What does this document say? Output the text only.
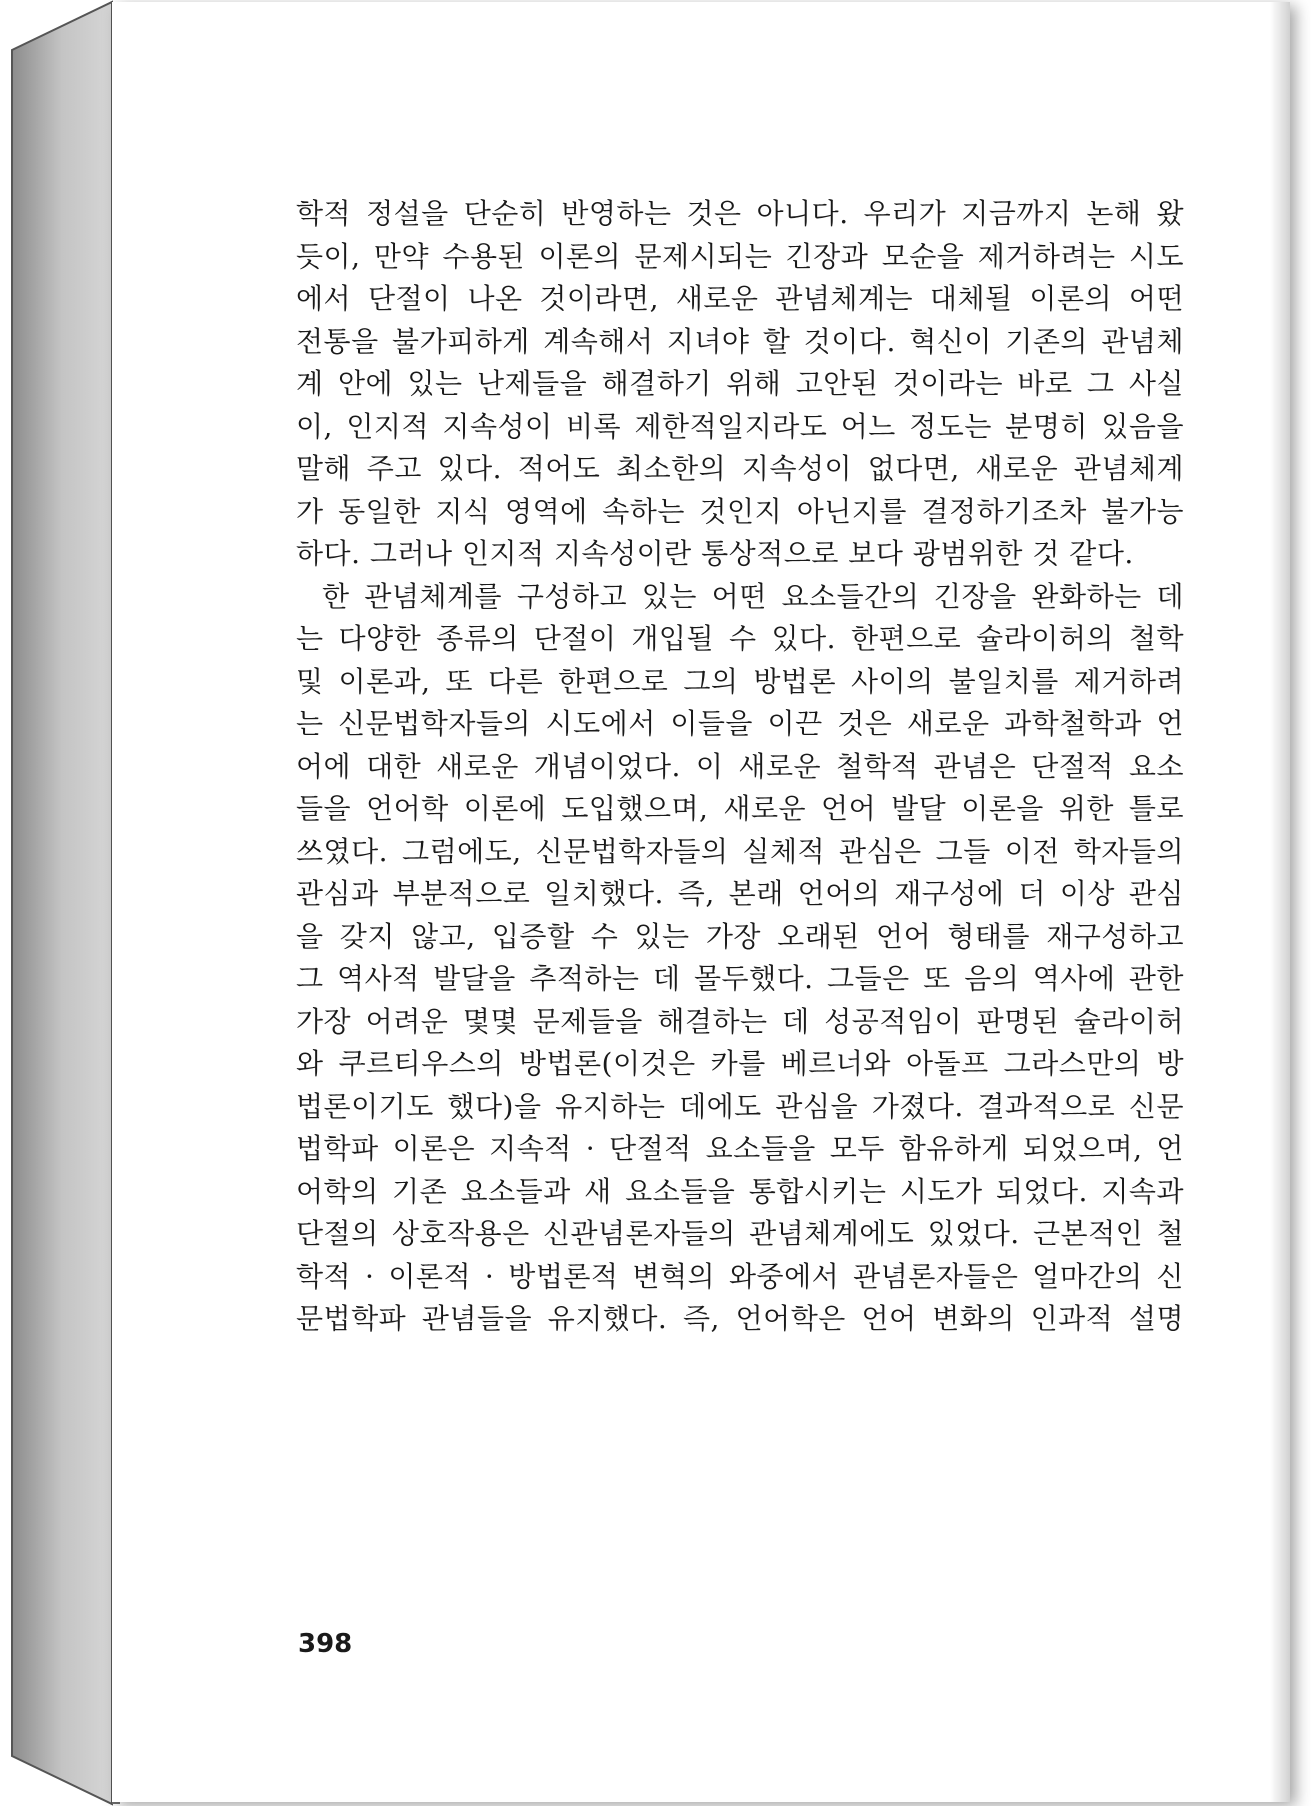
학적 정설을 단순히 반영하는 것은 아니다. 우리가 지금까지 논해 왔
듯이, 만약 수용된 이론의 문제시되는 긴장과 모순을 제거하려는 시도
에서 단절이 나온 것이라면, 새로운 관념체계는 대체될 이론의 어떤
전통을 불가피하게 계속해서 지녀야 할 것이다. 혁신이 기존의 관념체
계 안에 있는 난제들을 해결하기 위해 고안된 것이라는 바로 그 사실
이, 인지적 지속성이 비록 제한적일지라도 어느 정도는 분명히 있음을
말해 주고 있다. 적어도 최소한의 지속성이 없다면, 새로운 관념체계
가 동일한 지식 영역에 속하는 것인지 아닌지를 결정하기조차 불가능
하다. 그러나 인지적 지속성이란 통상적으로 보다 광범위한 것 같다.
한 관념체계를 구성하고 있는 어떤 요소들간의 긴장을 완화하는 데
는 다양한 종류의 단절이 개입될 수 있다. 한편으로 슐라이허의 철학
및 이론과, 또 다른 한편으로 그의 방법론 사이의 불일치를 제거하려
는 신문법학자들의 시도에서 이들을 이끈 것은 새로운 과학철학과 언
어에 대한 새로운 개념이었다. 이 새로운 철학적 관념은 단절적 요소
들을 언어학 이론에 도입했으며, 새로운 언어 발달 이론을 위한 틀로
쓰였다. 그럼에도, 신문법학자들의 실체적 관심은 그들 이전 학자들의
관심과 부분적으로 일치했다. 즉, 본래 언어의 재구성에 더 이상 관심
을 갖지 않고, 입증할 수 있는 가장 오래된 언어 형태를 재구성하고
그 역사적 발달을 추적하는 데 몰두했다. 그들은 또 음의 역사에 관한
가장 어려운 몇몇 문제들을 해결하는 데 성공적임이 판명된 슐라이허
와 쿠르티우스의 방법론(이것은 카를 베르너와 아돌프 그라스만의 방
법론이기도 했다)을 유지하는 데에도 관심을 가졌다. 결과적으로 신문
법학파 이론은 지속적 · 단절적 요소들을 모두 함유하게 되었으며, 언
어학의 기존 요소들과 새 요소들을 통합시키는 시도가 되었다. 지속과
단절의 상호작용은 신관념론자들의 관념체계에도 있었다. 근본적인 철
학적 · 이론적 · 방법론적 변혁의 와중에서 관념론자들은 얼마간의 신
문법학파 관념들을 유지했다. 즉, 언어학은 언어 변화의 인과적 설명
398
